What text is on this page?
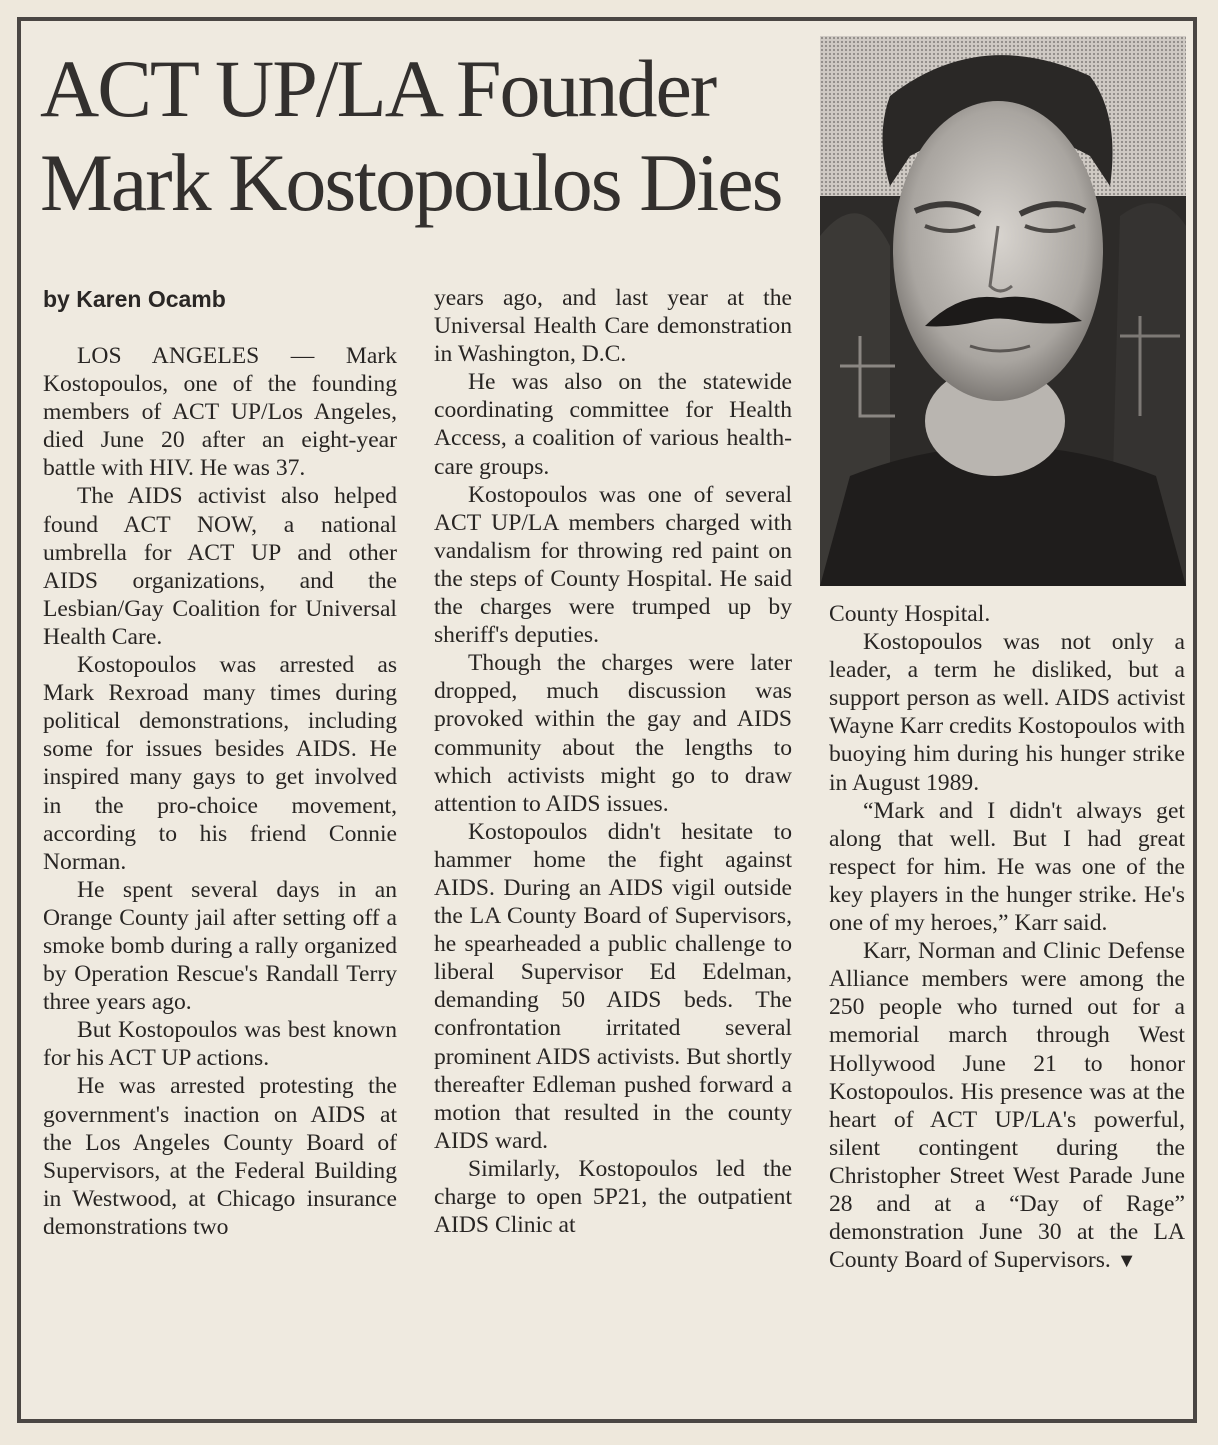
ACT UP/LA Founder
Mark Kostopoulos Dies

by Karen Ocamb

LOS ANGELES — Mark Kostopoulos, one of the founding members of ACT UP/Los Angeles, died June 20 after an eight-year battle with HIV. He was 37.

The AIDS activist also helped found ACT NOW, a national umbrella for ACT UP and other AIDS organizations, and the Lesbian/Gay Coalition for Universal Health Care.

Kostopoulos was arrested as Mark Rexroad many times during political demonstrations, including some for issues besides AIDS. He inspired many gays to get involved in the pro-choice movement, according to his friend Connie Norman.

He spent several days in an Orange County jail after setting off a smoke bomb during a rally organized by Operation Rescue's Randall Terry three years ago.

But Kostopoulos was best known for his ACT UP actions.

He was arrested protesting the government's inaction on AIDS at the Los Angeles County Board of Supervisors, at the Federal Building in Westwood, at Chicago insurance demonstrations two

years ago, and last year at the Universal Health Care demonstration in Washington, D.C.

He was also on the statewide coordinating committee for Health Access, a coalition of various health-care groups.

Kostopoulos was one of several ACT UP/LA members charged with vandalism for throwing red paint on the steps of County Hospital. He said the charges were trumped up by sheriff's deputies.

Though the charges were later dropped, much discussion was provoked within the gay and AIDS community about the lengths to which activists might go to draw attention to AIDS issues.

Kostopoulos didn't hesitate to hammer home the fight against AIDS. During an AIDS vigil outside the LA County Board of Supervisors, he spearheaded a public challenge to liberal Supervisor Ed Edelman, demanding 50 AIDS beds. The confrontation irritated several prominent AIDS activists. But shortly thereafter Edleman pushed forward a motion that resulted in the county AIDS ward.

Similarly, Kostopoulos led the charge to open 5P21, the outpatient AIDS Clinic at

County Hospital.

Kostopoulos was not only a leader, a term he disliked, but a support person as well. AIDS activist Wayne Karr credits Kostopoulos with buoying him during his hunger strike in August 1989.

“Mark and I didn't always get along that well. But I had great respect for him. He was one of the key players in the hunger strike. He's one of my heroes,” Karr said.

Karr, Norman and Clinic Defense Alliance members were among the 250 people who turned out for a memorial march through West Hollywood June 21 to honor Kostopoulos. His presence was at the heart of ACT UP/LA's powerful, silent contingent during the Christopher Street West Parade June 28 and at a “Day of Rage” demonstration June 30 at the LA County Board of Supervisors. ▼
